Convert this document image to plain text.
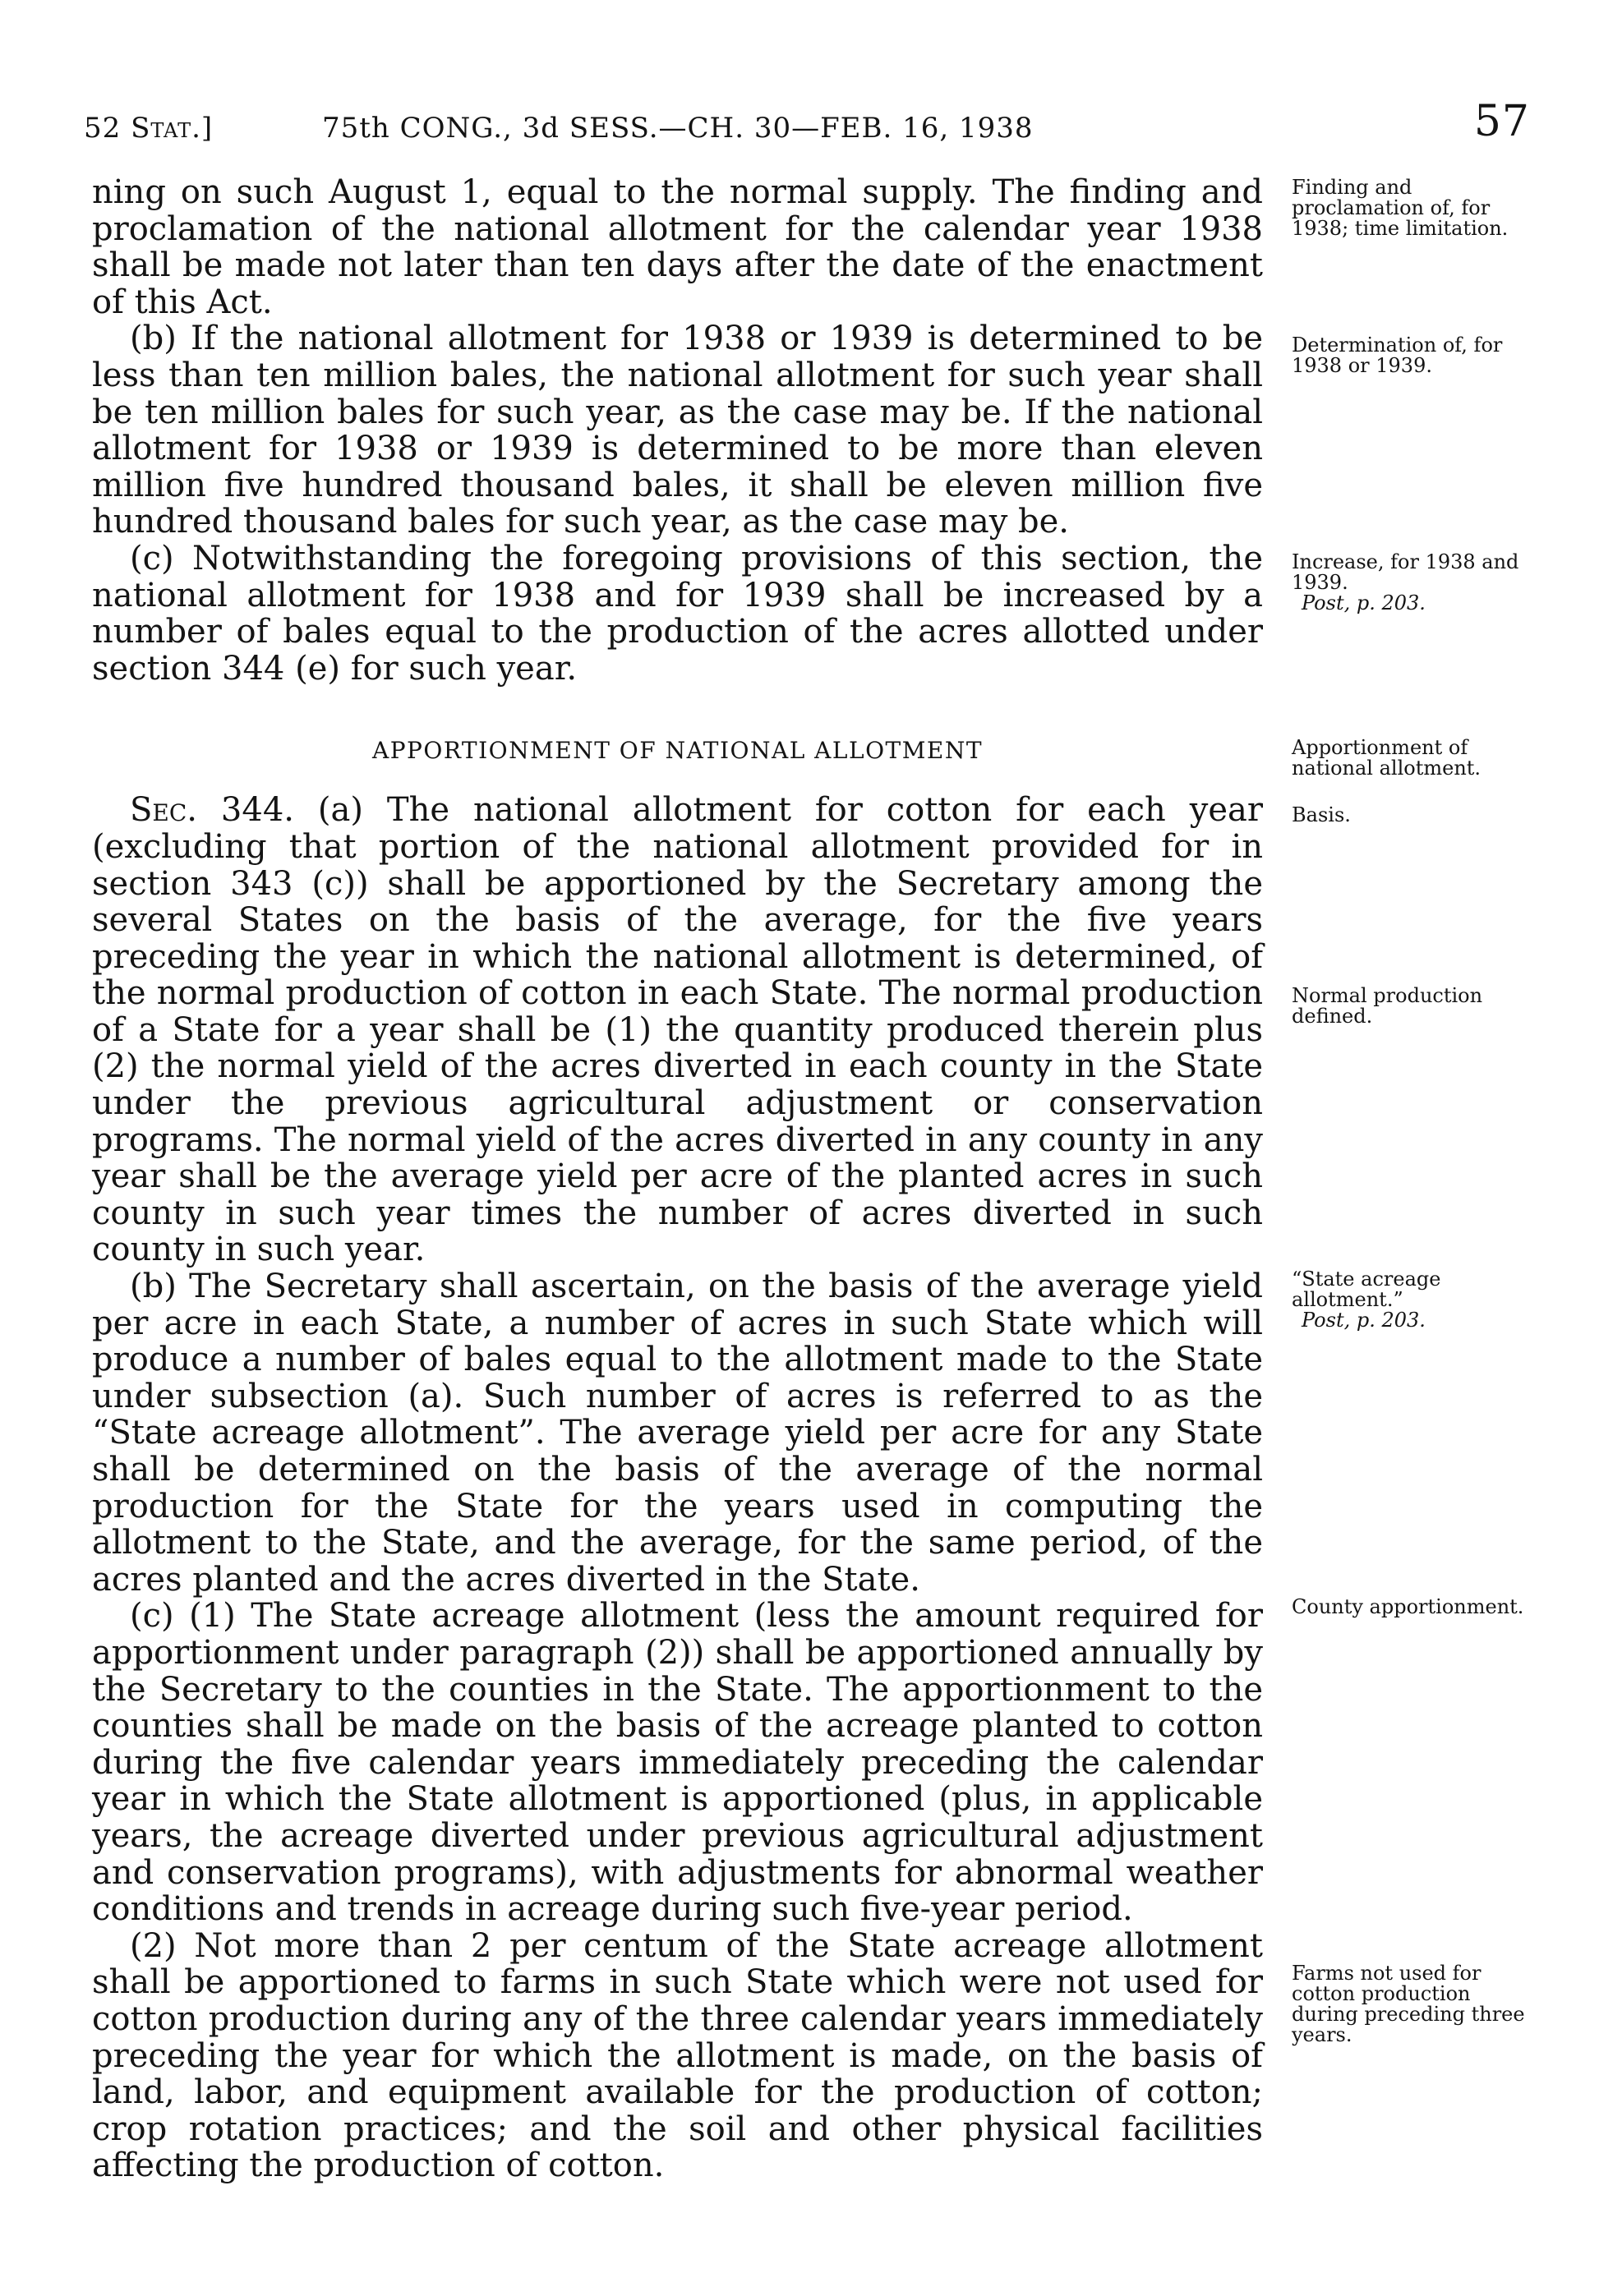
52 Stat.]	75th CONG., 3d SESS.—CH. 30—FEB. 16, 1938	57

ning on such August 1, equal to the normal supply. The finding and proclamation of the national allotment for the calendar year 1938 shall be made not later than ten days after the date of the enactment of this Act.

(b) If the national allotment for 1938 or 1939 is determined to be less than ten million bales, the national allotment for such year shall be ten million bales for such year, as the case may be. If the national allotment for 1938 or 1939 is determined to be more than eleven million five hundred thousand bales, it shall be eleven million five hundred thousand bales for such year, as the case may be.

(c) Notwithstanding the foregoing provisions of this section, the national allotment for 1938 and for 1939 shall be increased by a number of bales equal to the production of the acres allotted under section 344 (e) for such year.

APPORTIONMENT OF NATIONAL ALLOTMENT

Sec. 344. (a) The national allotment for cotton for each year (excluding that portion of the national allotment provided for in section 343 (c)) shall be apportioned by the Secretary among the several States on the basis of the average, for the five years preceding the year in which the national allotment is determined, of the normal production of cotton in each State. The normal production of a State for a year shall be (1) the quantity produced therein plus (2) the normal yield of the acres diverted in each county in the State under the previous agricultural adjustment or conservation programs. The normal yield of the acres diverted in any county in any year shall be the average yield per acre of the planted acres in such county in such year times the number of acres diverted in such county in such year.

(b) The Secretary shall ascertain, on the basis of the average yield per acre in each State, a number of acres in such State which will produce a number of bales equal to the allotment made to the State under subsection (a). Such number of acres is referred to as the “State acreage allotment”. The average yield per acre for any State shall be determined on the basis of the average of the normal production for the State for the years used in computing the allotment to the State, and the average, for the same period, of the acres planted and the acres diverted in the State.

(c) (1) The State acreage allotment (less the amount required for apportionment under paragraph (2)) shall be apportioned annually by the Secretary to the counties in the State. The apportionment to the counties shall be made on the basis of the acreage planted to cotton during the five calendar years immediately preceding the calendar year in which the State allotment is apportioned (plus, in applicable years, the acreage diverted under previous agricultural adjustment and conservation programs), with adjustments for abnormal weather conditions and trends in acreage during such five-year period.

(2) Not more than 2 per centum of the State acreage allotment shall be apportioned to farms in such State which were not used for cotton production during any of the three calendar years immediately preceding the year for which the allotment is made, on the basis of land, labor, and equipment available for the production of cotton; crop rotation practices; and the soil and other physical facilities affecting the production of cotton.

Finding and proclamation of, for 1938; time limitation.
Determination of, for 1938 or 1939.
Increase, for 1938 and 1939.
Post, p. 203.
Apportionment of national allotment.
Basis.
Normal production defined.
“State acreage allotment.”
Post, p. 203.
County apportionment.
Farms not used for cotton production during preceding three years.
